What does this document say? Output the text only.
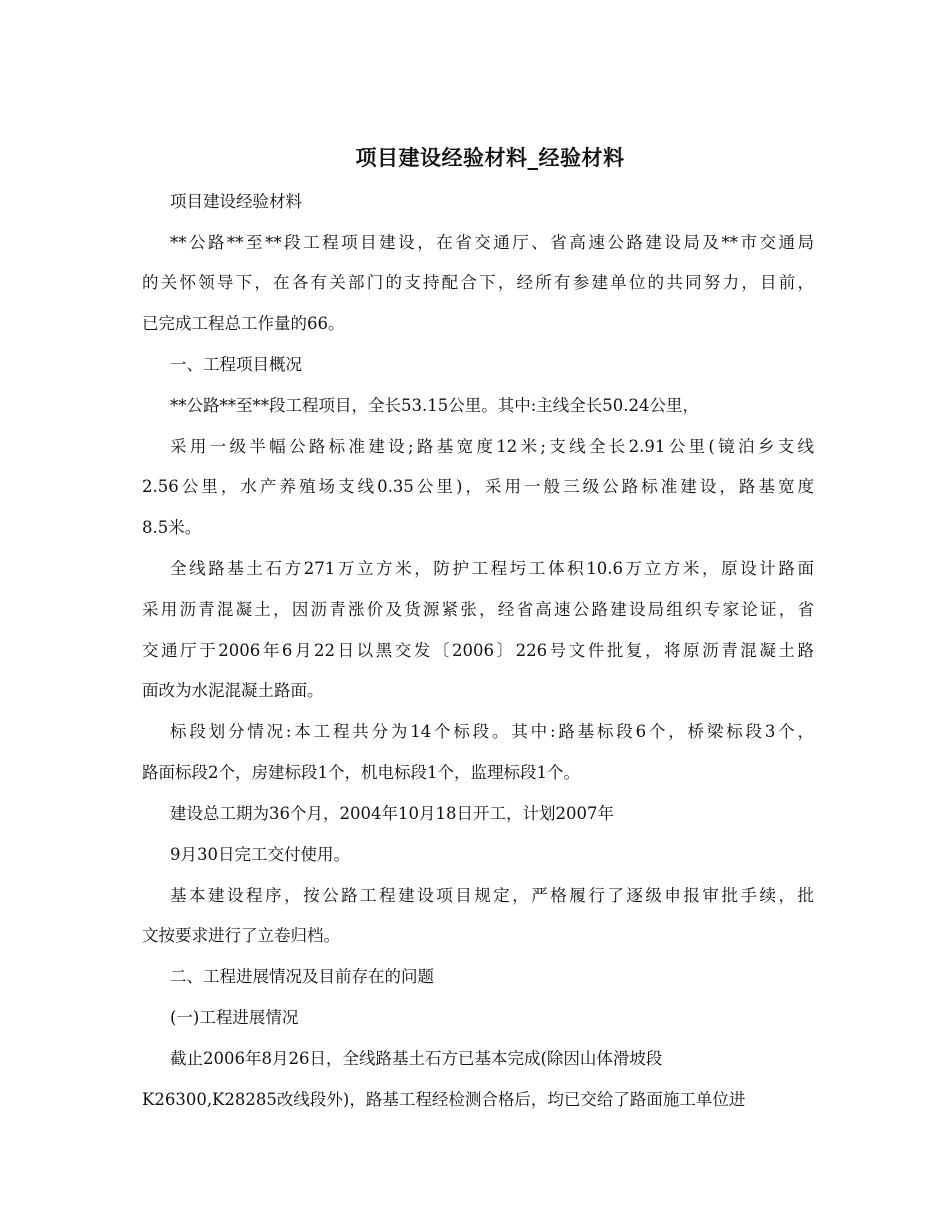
项目建设经验材料_经验材料
项目建设经验材料
**公路**至**段工程项目建设，在省交通厅、省高速公路建设局及**市交通局
的关怀领导下，在各有关部门的支持配合下，经所有参建单位的共同努力，目前，
已完成工程总工作量的66。
一、工程项目概况
**公路**至**段工程项目，全长53.15公里。其中:主线全长50.24公里，
采用一级半幅公路标准建设;路基宽度12米;支线全长2.91公里(镜泊乡支线
2.56公里，水产养殖场支线0.35公里)，采用一般三级公路标准建设，路基宽度
8.5米。
全线路基土石方271万立方米，防护工程圬工体积10.6万立方米，原设计路面
采用沥青混凝土，因沥青涨价及货源紧张，经省高速公路建设局组织专家论证，省
交通厅于2006年6月22日以黑交发〔2006〕226号文件批复，将原沥青混凝土路
面改为水泥混凝土路面。
标段划分情况:本工程共分为14个标段。其中:路基标段6个，桥梁标段3个，
路面标段2个，房建标段1个，机电标段1个，监理标段1个。
建设总工期为36个月，2004年10月18日开工，计划2007年
9月30日完工交付使用。
基本建设程序，按公路工程建设项目规定，严格履行了逐级申报审批手续，批
文按要求进行了立卷归档。
二、工程进展情况及目前存在的问题
(一)工程进展情况
截止2006年8月26日，全线路基土石方已基本完成(除因山体滑坡段
K26300,K28285改线段外)，路基工程经检测合格后，均已交给了路面施工单位进
